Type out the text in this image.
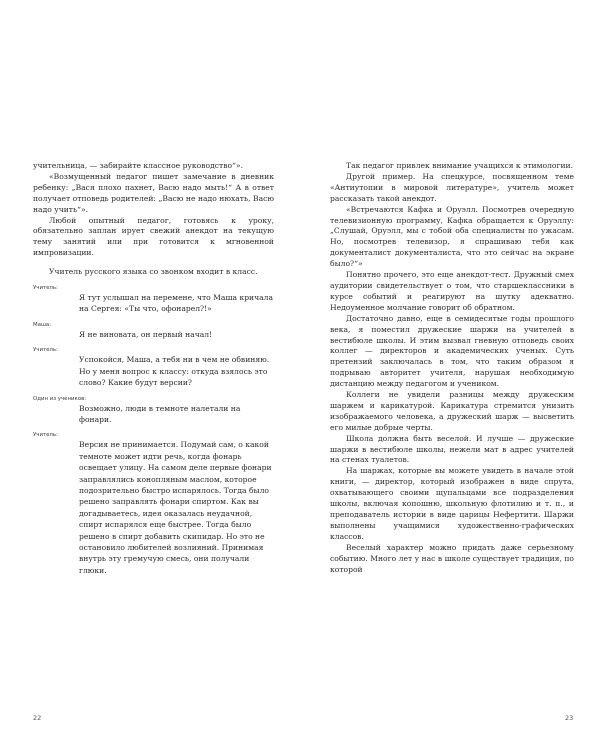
учительница, — забирайте классное руководство“».

«Возмущенный педагог пишет замечание в дневник ребенку: „Вася плохо пахнет, Васю надо мыть!“ А в ответ получает отповедь родителей: „Васю не надо нюхать, Васю надо учить“».

Любой опытный педагог, готовясь к уроку, обязательно заплан ирует свежий анекдот на текущую тему занятий или при готовится к мгновенной импровизации.

Учитель русского языка со звонком входит в класс.

Учитель:
Я тут услышал на перемене, что Маша кричала на Сергея: «Ты что, офонарел?!»
Маша:
Я не виновата, он первый начал!
Учитель:
Успокойся, Маша, а тебя ни в чем не обвиняю. Но у меня вопрос к классу: откуда взялось это слово? Какие будут версии?
Один из учеников:
Возможно, люди в темноте налетали на фонари.
Учитель:
Версия не принимается. Подумай сам, о какой темноте может идти речь, когда фонарь освещает улицу. На самом деле первые фонари заправлялись конопляным маслом, которое подозрительно быстро испарялось. Тогда было решено заправлять фонари спиртом. Как вы догадываетесь, идея оказалась неудачной, спирт испарялся еще быстрее. Тогда было решено в спирт добавить скипидар. Но это не остановило любителей возлияний. Принимая внутрь эту гремучую смесь, они получали глюки.
22

Так педагог привлек внимание учащихся к этимологии.

Другой пример. На спецкурсе, посвященном теме «Антиутопии в мировой литературе», учитель может рассказать такой анекдот.

«Встречаются Кафка и Оруэлл. Посмотрев очередную телевизионную программу, Кафка обращается к Оруэллу: „Слушай, Оруэлл, мы с тобой оба специалисты по ужасам. Но, посмотрев телевизор, я спрашиваю тебя как документалист документалиста, что это сейчас на экране было?“»

Понятно прочего, это еще анекдот-тест. Дружный смех аудитории свидетельствует о том, что старшеклассники в курсе событий и реагируют на шутку адекватно. Недоуменное молчание говорит об обратном.

Достаточно давно, еще в семидесятые годы прошлого века, я поместил дружеские шаржи на учителей в вестибюле школы. И этим вызвал гневную отповедь своих коллег — директоров и академических ученых. Суть претензий заключалась в том, что таким образом я подрываю авторитет учителя, нарушая необходимую дистанцию между педагогом и учеником.

Коллеги не увидели разницы между дружеским шаржем и карикатурой. Карикатура стремится унизить изображаемого человека, а дружеский шарж — высветить его милые добрые черты.

Школа должна быть веселой. И лучше — дружеские шаржи в вестибюле школы, нежели мат в адрес учителей на стенах туалетов.

На шаржах, которые вы можете увидеть в начале этой книги, — директор, который изображен в виде спрута, охватывающего своими щупальцами все подразделения школы, включая копошню, школьную флотилию и т. п., и преподаватель истории в виде царицы Нефертити. Шаржи выполнены учащимися художественно-графических классов.

Веселый характер можно придать даже серьезному событию. Много лет у нас в школе существует традиция, по которой

23
